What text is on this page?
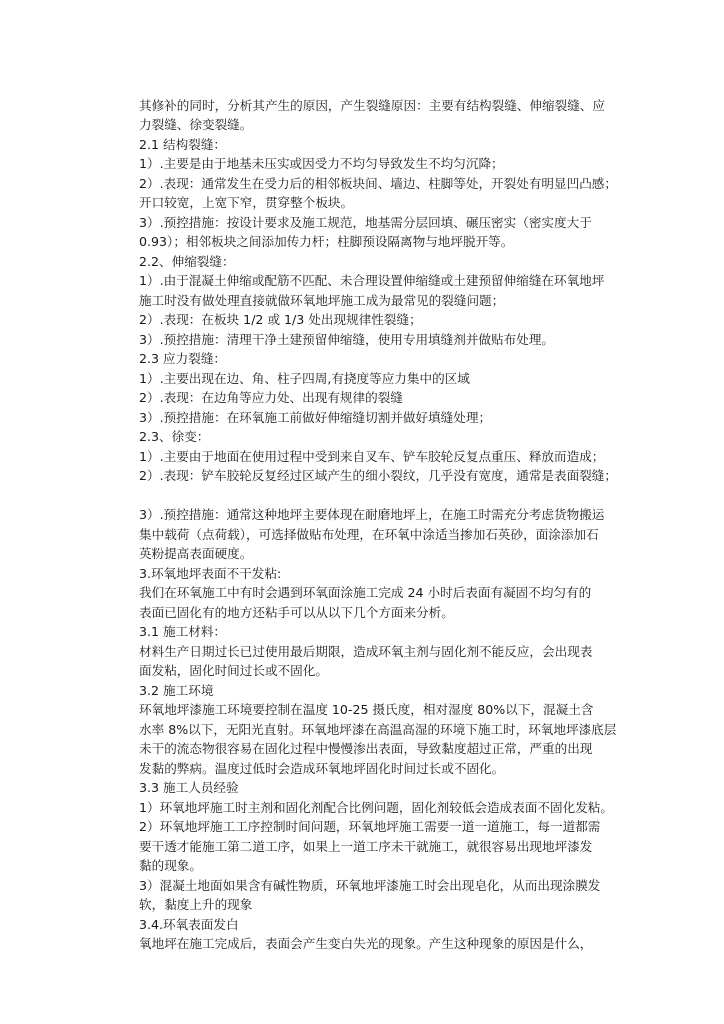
其修补的同时，分析其产生的原因，产生裂缝原因：主要有结构裂缝、伸缩裂缝、应
力裂缝、徐变裂缝。
2.1 结构裂缝：
1）.主要是由于地基未压实或因受力不均匀导致发生不均匀沉降；
2）.表现：通常发生在受力后的相邻板块间、墙边、柱脚等处，开裂处有明显凹凸感；
开口较宽，上宽下窄，贯穿整个板块。
3）.预控措施：按设计要求及施工规范，地基需分层回填、碾压密实（密实度大于
0.93）；相邻板块之间添加传力杆；柱脚预设隔离物与地坪脱开等。
2.2、伸缩裂缝：
1）.由于混凝土伸缩或配筋不匹配、未合理设置伸缩缝或土建预留伸缩缝在环氧地坪
施工时没有做处理直接就做环氧地坪施工成为最常见的裂缝问题；
2）.表现：在板块 1/2 或 1/3 处出现规律性裂缝；
3）.预控措施：清理干净土建预留伸缩缝，使用专用填缝剂并做贴布处理。
2.3 应力裂缝：
1）.主要出现在边、角、柱子四周,有挠度等应力集中的区域
2）.表现：在边角等应力处、出现有规律的裂缝
3）.预控措施：在环氧施工前做好伸缩缝切割并做好填缝处理；
2.3、徐变：
1）.主要由于地面在使用过程中受到来自叉车、铲车胶轮反复点重压、释放而造成；
2）.表现：铲车胶轮反复经过区域产生的细小裂纹，几乎没有宽度，通常是表面裂缝；
3）.预控措施：通常这种地坪主要体现在耐磨地坪上，在施工时需充分考虑货物搬运
集中载荷（点荷载），可选择做贴布处理，在环氧中涂适当掺加石英砂，面涂添加石
英粉提高表面硬度。
3.环氧地坪表面不干发粘:
我们在环氧施工中有时会遇到环氧面涂施工完成 24 小时后表面有凝固不均匀有的
表面已固化有的地方还粘手可以从以下几个方面来分析。
3.1 施工材料：
材料生产日期过长已过使用最后期限，造成环氧主剂与固化剂不能反应，会出现表
面发粘，固化时间过长或不固化。
3.2 施工环境
环氧地坪漆施工环境要控制在温度 10-25 摄氏度，相对湿度 80%以下，混凝土含
水率 8%以下，无阳光直射。环氧地坪漆在高温高湿的环境下施工时，环氧地坪漆底层
未干的流态物很容易在固化过程中慢慢渗出表面，导致黏度超过正常，严重的出现
发黏的弊病。温度过低时会造成环氧地坪固化时间过长或不固化。
3.3 施工人员经验
1）环氧地坪施工时主剂和固化剂配合比例问题，固化剂较低会造成表面不固化发粘。
2）环氧地坪施工工序控制时间问题，环氧地坪施工需要一道一道施工，每一道都需
要干透才能施工第二道工序，如果上一道工序未干就施工，就很容易出现地坪漆发
黏的现象。
3）混凝土地面如果含有碱性物质，环氧地坪漆施工时会出现皂化，从而出现涂膜发
软，黏度上升的现象
3.4.环氧表面发白
氧地坪在施工完成后，表面会产生变白失光的现象。产生这种现象的原因是什么，
